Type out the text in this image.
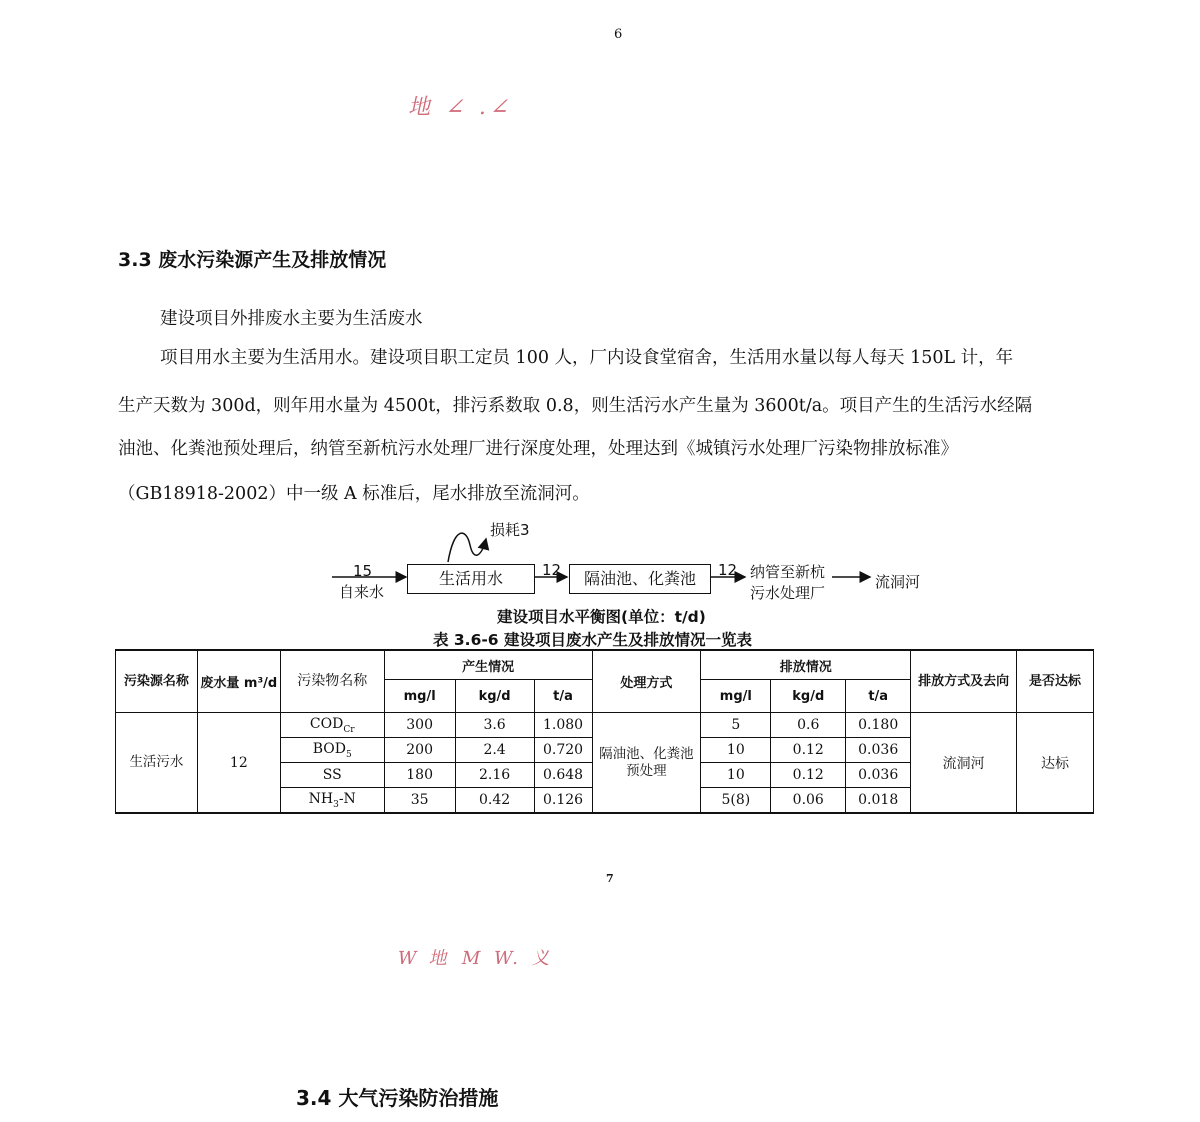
6
地 ∠ .∠
3.3 废水污染源产生及排放情况
建设项目外排废水主要为生活废水
项目用水主要为生活用水。建设项目职工定员 100 人，厂内设食堂宿舍，生活用水量以每人每天 150L 计，年
生产天数为 300d，则年用水量为 4500t，排污系数取 0.8，则生活污水产生量为 3600t/a。项目产生的生活污水经隔
油池、化粪池预处理后，纳管至新杭污水处理厂进行深度处理，处理达到《城镇污水处理厂污染物排放标准》
（GB18918-2002）中一级 A 标准后，尾水排放至流洞河。
15
自来水
损耗3
生活用水	12	隔油池、化粪池	12 纳管至新杭
污水处理厂
流洞河
建设项目水平衡图(单位：t/d)
表 3.6-6 建设项目废水产生及排放情况一览表
污染源名称	废水量 m³/d	污染物名称	产生情况			处理方式	排放情况			排放方式及去向	是否达标
			mg/l	kg/d	t/a		mg/l	kg/d	t/a		
生活污水	12	$COD_{Cr}$	300	3.6	1.080	隔油池、化粪池预处理	5	0.6	0.180	流洞河	达标
		$BOD_5$	200	2.4	0.720		10	0.12	0.036		
		SS	180	2.16	0.648		10	0.12	0.036		
		$NH_3-N$	35	0.42	0.126		5(8)	0.06	0.018		
7
W 地 M W. 义
3.4 大气污染防治措施
